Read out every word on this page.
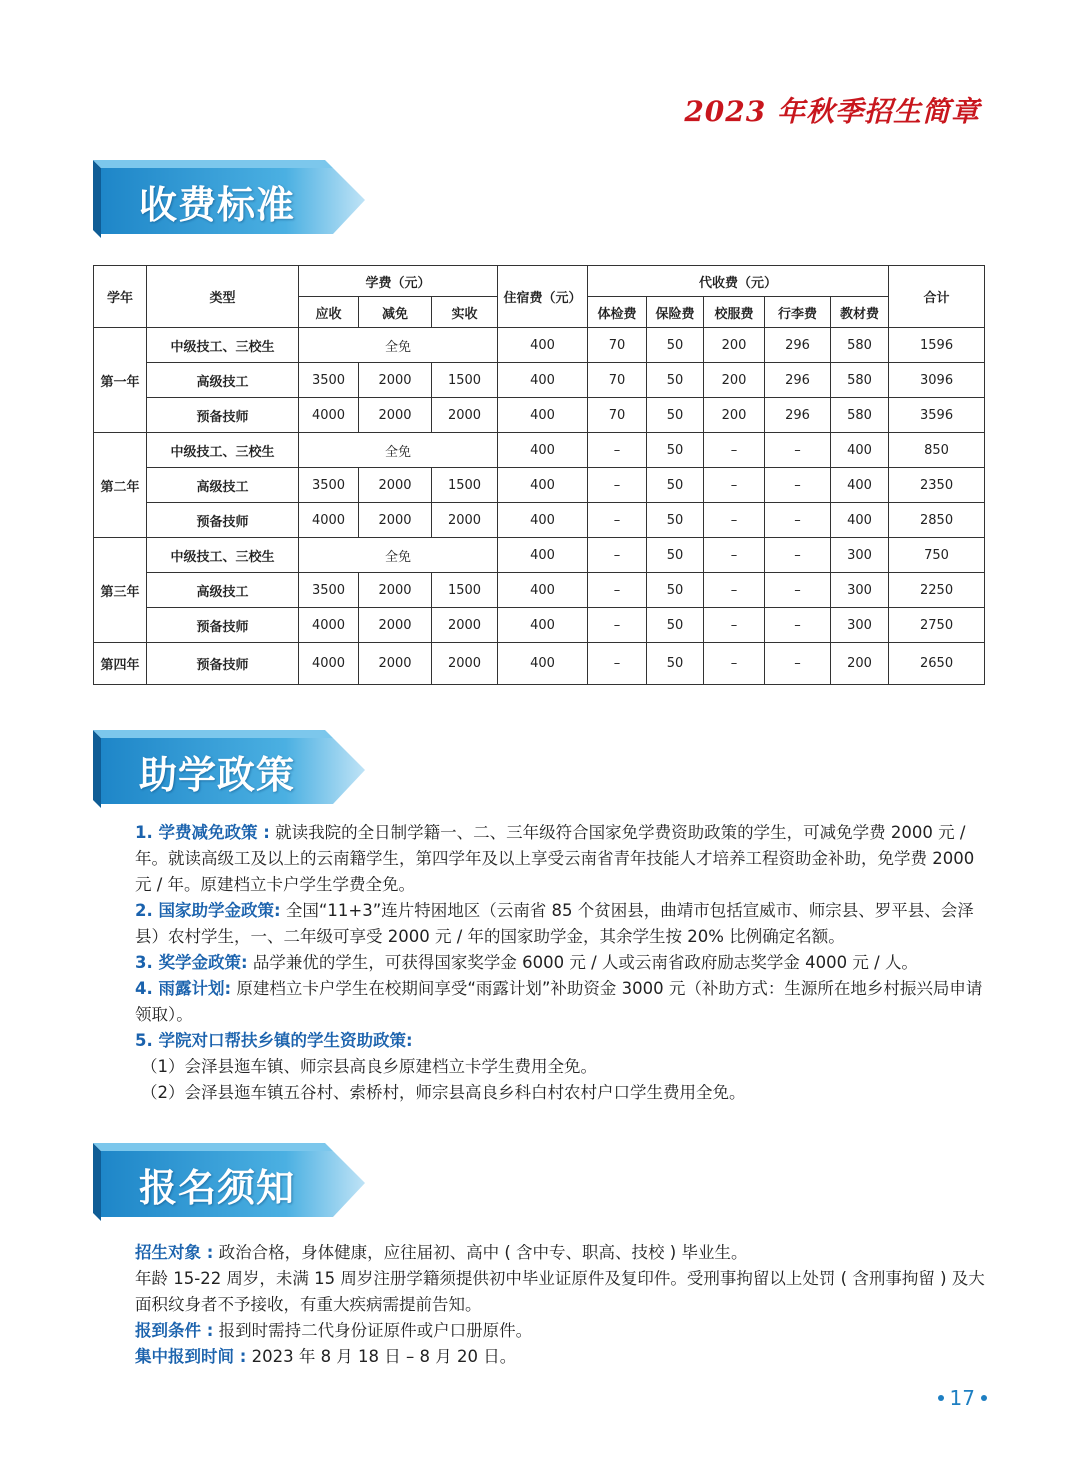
2023 年秋季招生简章
收费标准
学年	类型	学费（元）			住宿费（元）	代收费（元）					合计
		应收	减免	实收		体检费	保险费	校服费	行李费	教材费	
第一年	中级技工、三校生	全免			400	70	50	200	296	580	1596
	高级技工	3500	2000	1500	400	70	50	200	296	580	3096
	预备技师	4000	2000	2000	400	70	50	200	296	580	3596
第二年	中级技工、三校生	全免			400	–	50	–	–	400	850
	高级技工	3500	2000	1500	400	–	50	–	–	400	2350
	预备技师	4000	2000	2000	400	–	50	–	–	400	2850
第三年	中级技工、三校生	全免			400	–	50	–	–	300	750
	高级技工	3500	2000	1500	400	–	50	–	–	300	2250
	预备技师	4000	2000	2000	400	–	50	–	–	300	2750
第四年	预备技师	4000	2000	2000	400	–	50	–	–	200	2650
助学政策

1. 学费减免政策 : 就读我院的全日制学籍一、二、三年级符合国家免学费资助政策的学生，可减免学费 2000 元 / 年。就读高级工及以上的云南籍学生，第四学年及以上享受云南省青年技能人才培养工程资助金补助，免学费 2000 元 / 年。原建档立卡户学生学费全免。

2. 国家助学金政策: 全国“11+3”连片特困地区（云南省 85 个贫困县，曲靖市包括宣威市、师宗县、罗平县、会泽县）农村学生，一、二年级可享受 2000 元 / 年的国家助学金，其余学生按 20% 比例确定名额。

3. 奖学金政策: 品学兼优的学生，可获得国家奖学金 6000 元 / 人或云南省政府励志奖学金 4000 元 / 人。

4. 雨露计划: 原建档立卡户学生在校期间享受“雨露计划”补助资金 3000 元（补助方式：生源所在地乡村振兴局申请领取）。

5. 学院对口帮扶乡镇的学生资助政策:

（1）会泽县迤车镇、师宗县高良乡原建档立卡学生费用全免。

（2）会泽县迤车镇五谷村、索桥村，师宗县高良乡科白村农村户口学生费用全免。

报名须知

招生对象 : 政治合格，身体健康，应往届初、高中 ( 含中专、职高、技校 ) 毕业生。

年龄 15-22 周岁，未满 15 周岁注册学籍须提供初中毕业证原件及复印件。受刑事拘留以上处罚 ( 含刑事拘留 ) 及大面积纹身者不予接收，有重大疾病需提前告知。

报到条件 : 报到时需持二代身份证原件或户口册原件。

集中报到时间 : 2023 年 8 月 18 日 – 8 月 20 日。

17
